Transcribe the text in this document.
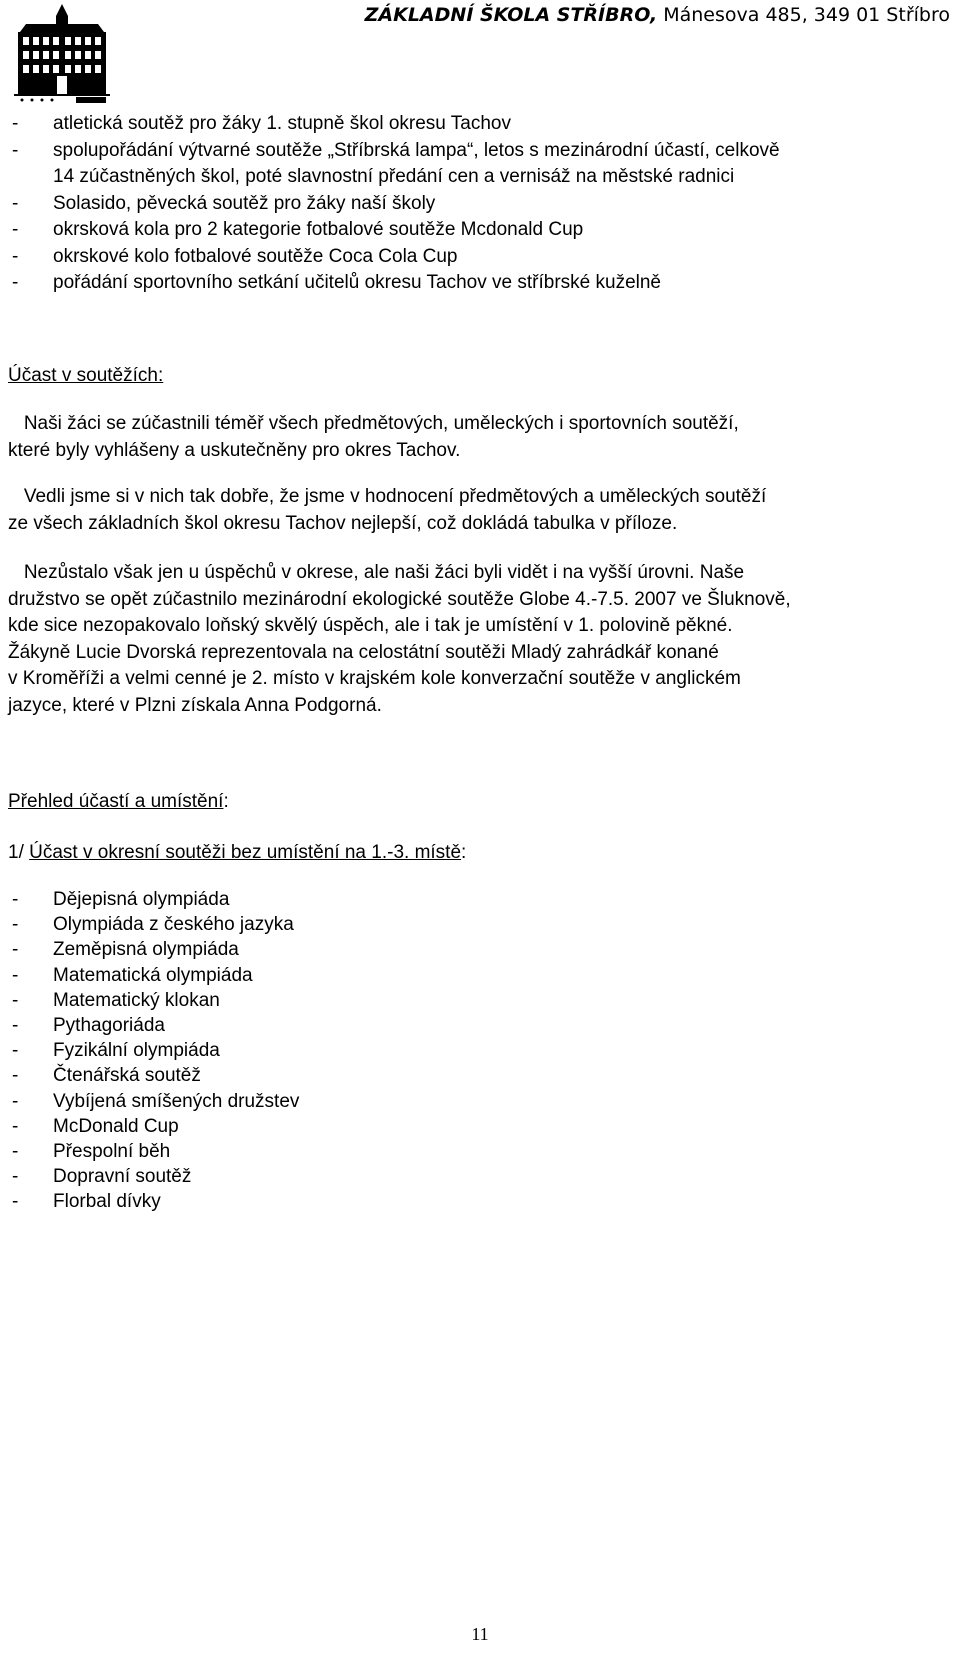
ZÁKLADNÍ ŠKOLA STŘÍBRO, Mánesova 485, 349 01 Stříbro
- atletická soutěž pro žáky 1. stupně škol okresu Tachov
- spolupořádání výtvarné soutěže „Stříbrská lampa“, letos s mezinárodní účastí, celkově
14 zúčastněných škol, poté slavnostní předání cen a vernisáž na městské radnici
- Solasido, pěvecká soutěž pro žáky naší školy
- okrsková kola pro 2 kategorie fotbalové soutěže Mcdonald Cup
- okrskové kolo fotbalové soutěže Coca Cola Cup
- pořádání sportovního setkání učitelů okresu Tachov ve stříbrské kuželně
Účast v soutěžích:
Naši žáci se zúčastnili téměř všech předmětových, uměleckých i sportovních soutěží,
které byly vyhlášeny a uskutečněny pro okres Tachov.
Vedli jsme si v nich tak dobře, že jsme v hodnocení předmětových a uměleckých soutěží
ze všech základních škol okresu Tachov nejlepší, což dokládá tabulka v příloze.
Nezůstalo však jen u úspěchů v okrese, ale naši žáci byli vidět i na vyšší úrovni. Naše
družstvo se opět zúčastnilo mezinárodní ekologické soutěže Globe 4.-7.5. 2007 ve Šluknově,
kde sice nezopakovalo loňský skvělý úspěch, ale i tak je umístění v 1. polovině pěkné.
Žákyně Lucie Dvorská reprezentovala na celostátní soutěži Mladý zahrádkář konané
v Kroměříži a velmi cenné je 2. místo v krajském kole konverzační soutěže v anglickém
jazyce, které v Plzni získala Anna Podgorná.
Přehled účastí a umístění:
1/ Účast v okresní soutěži bez umístění na 1.-3. místě:
- Dějepisná olympiáda
- Olympiáda z českého jazyka
- Zeměpisná olympiáda
- Matematická olympiáda
- Matematický klokan
- Pythagoriáda
- Fyzikální olympiáda
- Čtenářská soutěž
- Vybíjená smíšených družstev
- McDonald Cup
- Přespolní běh
- Dopravní soutěž
- Florbal dívky
11
